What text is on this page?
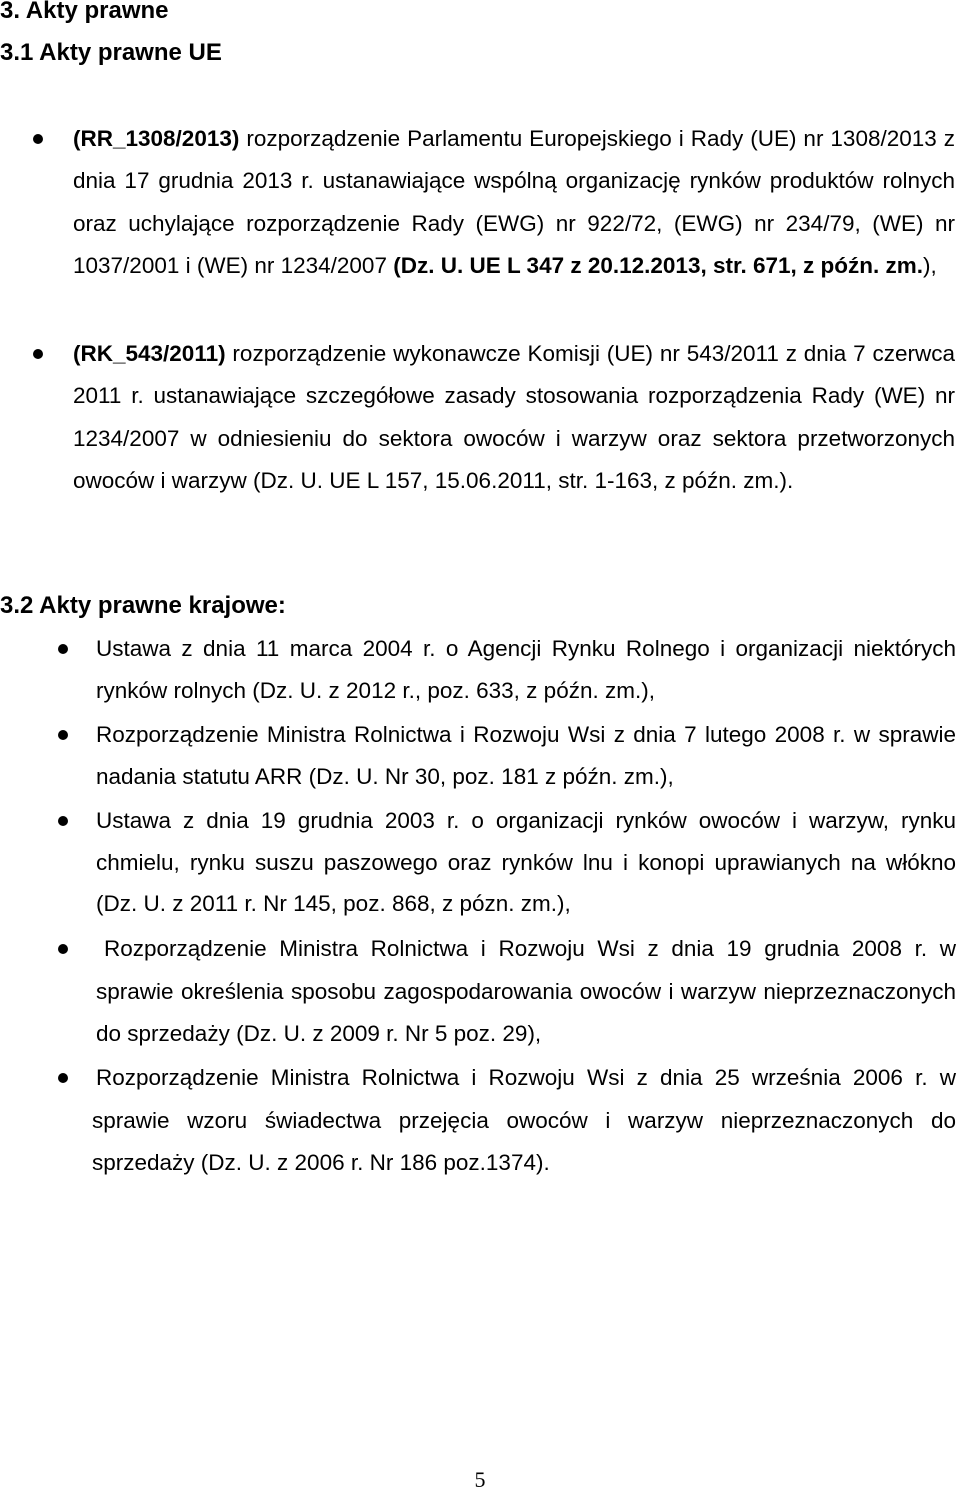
3. Akty prawne
3.1 Akty prawne UE

(RR_1308/2013) rozporządzenie Parlamentu Europejskiego i Rady (UE) nr 1308/2013 z dnia 17 grudnia 2013 r. ustanawiające wspólną organizację rynków produktów rolnych oraz uchylające rozporządzenie Rady (EWG) nr 922/72, (EWG) nr 234/79, (WE) nr 1037/2001 i (WE) nr 1234/2007 (Dz. U. UE L 347 z 20.12.2013, str. 671, z późn. zm.),

(RK_543/2011) rozporządzenie wykonawcze Komisji (UE) nr 543/2011 z dnia 7 czerwca 2011 r. ustanawiające szczegółowe zasady stosowania rozporządzenia Rady (WE) nr 1234/2007 w odniesieniu do sektora owoców i warzyw oraz sektora przetworzonych owoców i warzyw (Dz. U. UE L 157, 15.06.2011, str. 1-163, z późn. zm.).

3.2 Akty prawne krajowe:

Ustawa z dnia 11 marca 2004 r. o Agencji Rynku Rolnego i organizacji niektórych rynków rolnych (Dz. U. z 2012 r., poz. 633, z późn. zm.),

Rozporządzenie Ministra Rolnictwa i Rozwoju Wsi z dnia 7 lutego 2008 r. w sprawie nadania statutu ARR (Dz. U. Nr 30, poz. 181 z późn. zm.),

Ustawa z dnia 19 grudnia 2003 r. o organizacji rynków owoców i warzyw, rynku chmielu, rynku suszu paszowego oraz rynków lnu i konopi uprawianych na włókno (Dz. U. z 2011 r. Nr 145, poz. 868, z pózn. zm.),

Rozporządzenie Ministra Rolnictwa i Rozwoju Wsi z dnia 19 grudnia 2008 r. w sprawie określenia sposobu zagospodarowania owoców i warzyw nieprzeznaczonych do sprzedaży (Dz. U. z 2009 r. Nr 5 poz. 29),

Rozporządzenie Ministra Rolnictwa i Rozwoju Wsi z dnia 25 września 2006 r. w sprawie wzoru świadectwa przejęcia owoców i warzyw nieprzeznaczonych do sprzedaży (Dz. U. z 2006 r. Nr 186 poz.1374).

5
